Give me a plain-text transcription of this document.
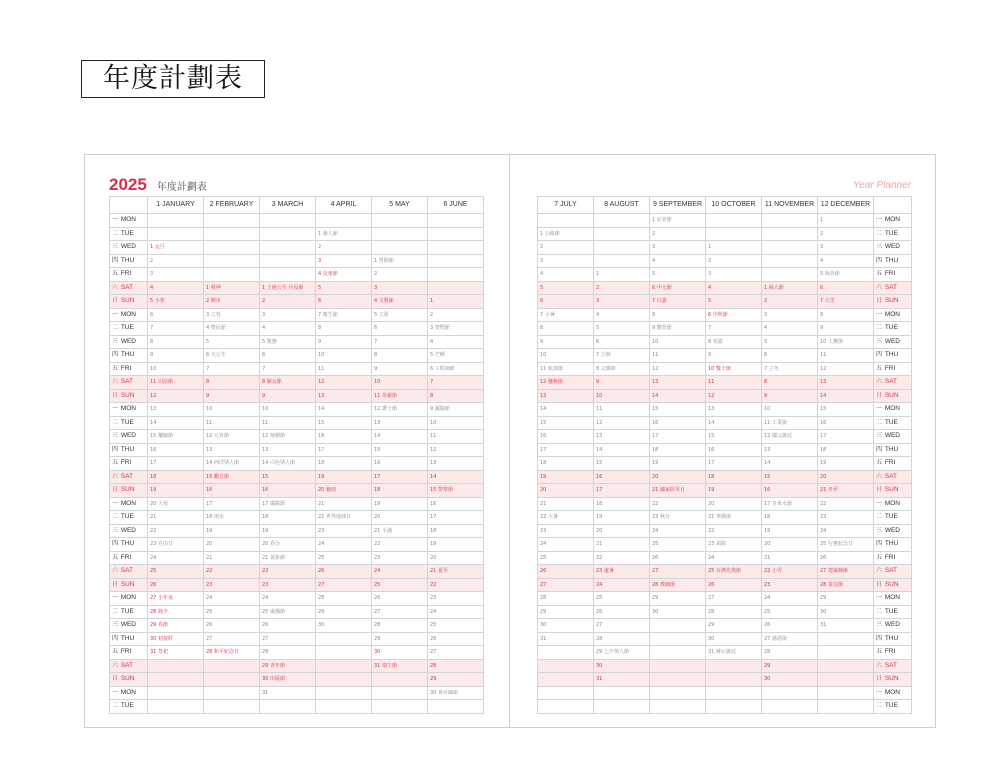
年度計劃表
2025 年度計劃表	Year Planner
	1 JANUARY	2 FEBRUARY	3 MARCH	4 APRIL	5 MAY	6 JUNE
一 MON						
二 TUE				1 愚人節		
三 WED	1 元旦			2		
四 THU	2			3	1 勞動節	
五 FRI	3			4 兒童節	2	
六 SAT	4	1 蔡神	1 土地公生 兵役節	5	3	
日 SUN	5 小寒	2 開市	2	6	4 文藝節	1
一 MON	6	3 立春	3	7 衛生節	5 立夏	2
二 TUE	7	4 農民節	4	8	6	3 禁煙節
三 WED	8	5	5 驚蟄	9	7	4
四 THU	9	6 天公生	6	10	8	5 芒種
五 FRI	10	7	7	11	9	6 工程師節
六 SAT	11 司法節	8	8 婦女節	12	10	7
日 SUN	12	9	9	13	11 母親節	8
一 MON	13	10	10	14	12 護士節	9 國醫節
二 TUE	14	11	11	15	13	10
三 WED	15 藥師節	12 元宵節	12 植樹節	16	14	11
四 THU	16	13	13	17	15	12
五 FRI	17	14 西洋情人節	14 白色情人節	18	16	13
六 SAT	18	15 觀音節	15	19	17	14
日 SUN	19	16	16	20 穀雨	18	15 警察節
一 MON	20 大寒	17	17 國醫節	21	19	16
二 TUE	21	18 雨水	18	22 世界地球日	20	17
三 WED	22	19	19	23	21 小滿	18
四 THU	23 自由日	20	20 春分	24	22	19
五 FRI	24	21	21 氣象節	25	23	20
六 SAT	25	22	22	26	24	21 夏至
日 SUN	26	23	23	27	25	22
一 MON	27 小年夜	24	24	28	26	23
二 TUE	28 除夕	25	25 廣播節	29	27	24
三 WED	29 春節	26	26	30	28	25
四 THU	30 初接財	27	27		29	26
五 FRI	31 祭祀	28 和平紀念日	28		30	27
六 SAT			29 青年節		31 端午節	28
日 SUN			30 出版節			29
一 MON			31			30 會計師節
二 TUE						
7 JULY	8 AUGUST	9 SEPTEMBER	10 OCTOBER	11 NOVEMBER	12 DECEMBER	
		1 記者節			1	一 MON
1 公路節		2			2	二 TUE
2		3	1		3	三 WED
3		4	2		4	四 THU
4	1	5	3		5 海員節	五 FRI
5	2	6 中元節	4	1 商人節	6	六 SAT
6	3	7 白露	5	2	7 大雪	日 SUN
7 小暑	4	8	6 中秋節	3	8	一 MON
8	5	9 體育節	7	4	9	二 TUE
9	6	10	8 寒露	5	10 人權節	三 WED
10	7 立秋	11	9	6	11	四 THU
11 航海節	8 父親節	12	10 雙十節	7 立冬	12	五 FRI
12 鹽稅節	9	13	11	8	13	六 SAT
13	10	14	12	9	14	日 SUN
14	11	15	13	10	15	一 MON
15	12	16	14	11 工業節	16	二 TUE
16	13	17	15	12 國父誕辰	17	三 WED
17	14	18	16	13	18	四 THU
18	15	19	17	14	19	五 FRI
19	16	20	18	15	20	六 SAT
20	17	21 國家防災日	19	16	21 冬至	日 SUN
21	18	22	20	17 自來水節	22	一 MON
22 大暑	19	23 秋分	21 華僑節	18	23	二 TUE
23	20	24	22	19	24	三 WED
24	21	25	23 霜降	20	25 行憲紀念日	四 THU
25	22	26	24	21	26	五 FRI
26	23 處暑	27	25 台灣光復節	22 小雪	27 建築師節	六 SAT
27	24	28 教師節	26	23	28 電信節	日 SUN
28	25	29	27	24	29	一 MON
29	26	30	28	25	30	二 TUE
30	27		29	26	31	三 WED
31	28		30	27 感恩節		四 THU
	29 七夕情人節		31 蔣公誕辰	28		五 FRI
	30			29		六 SAT
	31			30		日 SUN
						一 MON
						二 TUE
